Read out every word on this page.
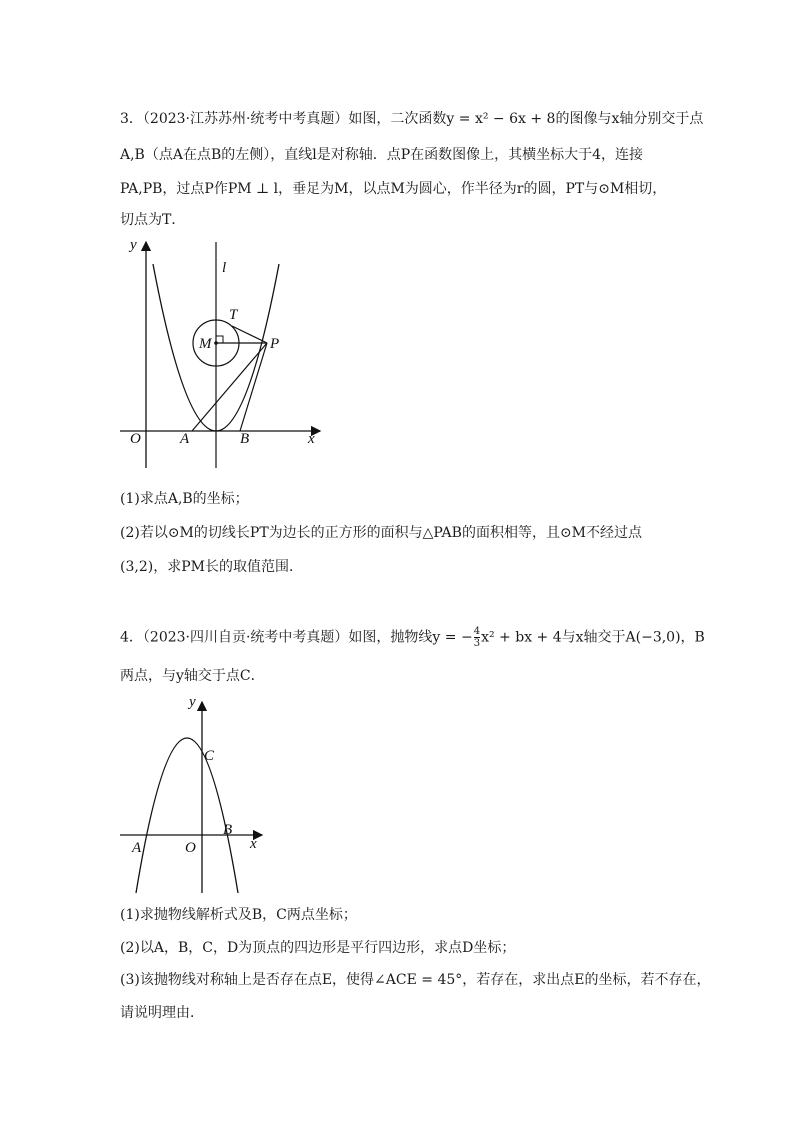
3．（2023·江苏苏州·统考中考真题）如图，二次函数y = x² − 6x + 8的图像与x轴分别交于点
A,B（点A在点B的左侧），直线l是对称轴．点P在函数图像上，其横坐标大于4，连接
PA,PB，过点P作PM ⊥ l，垂足为M，以点M为圆心，作半径为r的圆，PT与⊙M相切，
切点为T．
y
l
T
M	P
O	A	B	x
(1)求点A,B的坐标；
(2)若以⊙M的切线长PT为边长的正方形的面积与△PAB的面积相等，且⊙M不经过点
(3,2)，求PM长的取值范围．
4．（2023·四川自贡·统考中考真题）如图，抛物线y = − $\frac{4}{3} x^2$ + bx + 4与x轴交于A(−3,0)，B
两点，与y轴交于点C．
y
C
B
A	O	x
(1)求抛物线解析式及B，C两点坐标；
(2)以A，B，C，D为顶点的四边形是平行四边形，求点D坐标；
(3)该抛物线对称轴上是否存在点E，使得∠ACE = 45°，若存在，求出点E的坐标，若不存在，
请说明理由．
